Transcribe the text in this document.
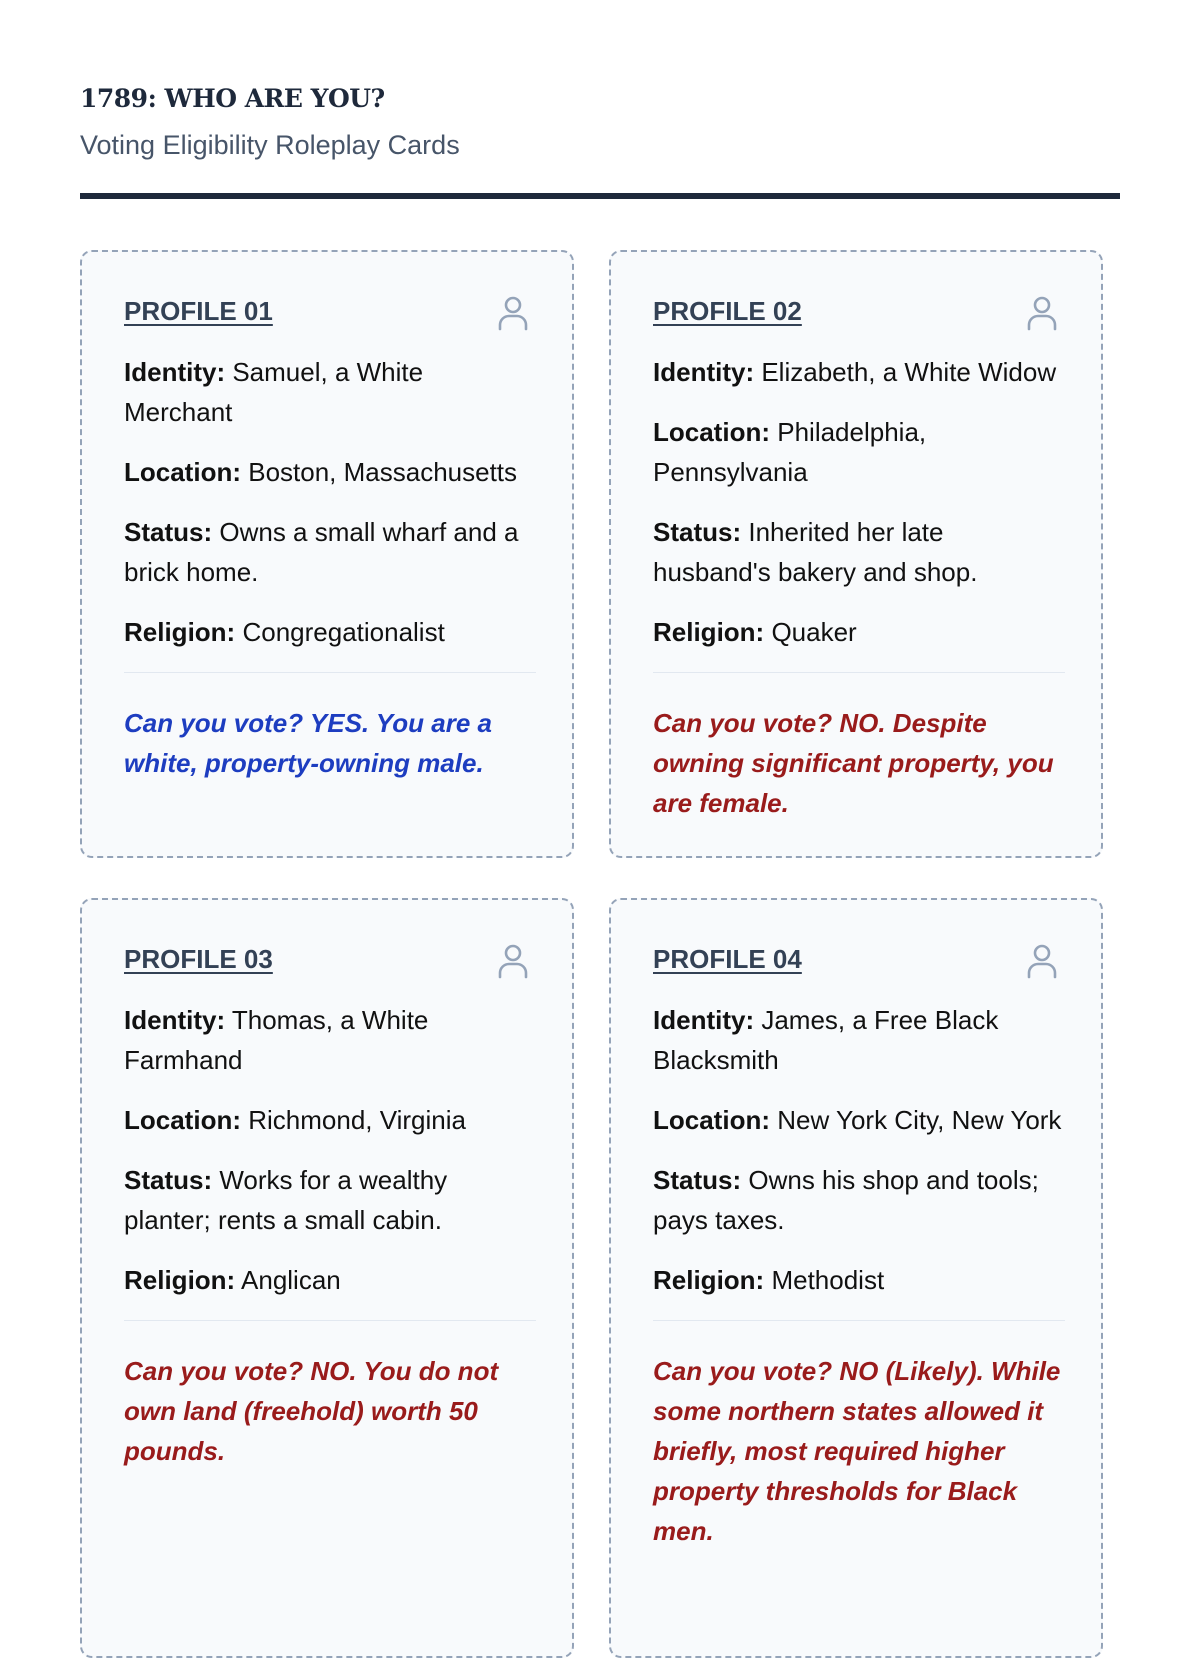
1789: WHO ARE YOU?
Voting Eligibility Roleplay Cards
PROFILE 01

Identity: Samuel, a White Merchant

Location: Boston, Massachusetts

Status: Owns a small wharf and a brick home.

Religion: Congregationalist

Can you vote? YES. You are a white, property-owning male.

PROFILE 02

Identity: Elizabeth, a White Widow

Location: Philadelphia, Pennsylvania

Status: Inherited her late husband's bakery and shop.

Religion: Quaker

Can you vote? NO. Despite owning significant property, you are female.

PROFILE 03

Identity: Thomas, a White Farmhand

Location: Richmond, Virginia

Status: Works for a wealthy planter; rents a small cabin.

Religion: Anglican

Can you vote? NO. You do not own land (freehold) worth 50 pounds.

PROFILE 04

Identity: James, a Free Black Blacksmith

Location: New York City, New York

Status: Owns his shop and tools; pays taxes.

Religion: Methodist

Can you vote? NO (Likely). While some northern states allowed it briefly, most required higher property thresholds for Black men.
